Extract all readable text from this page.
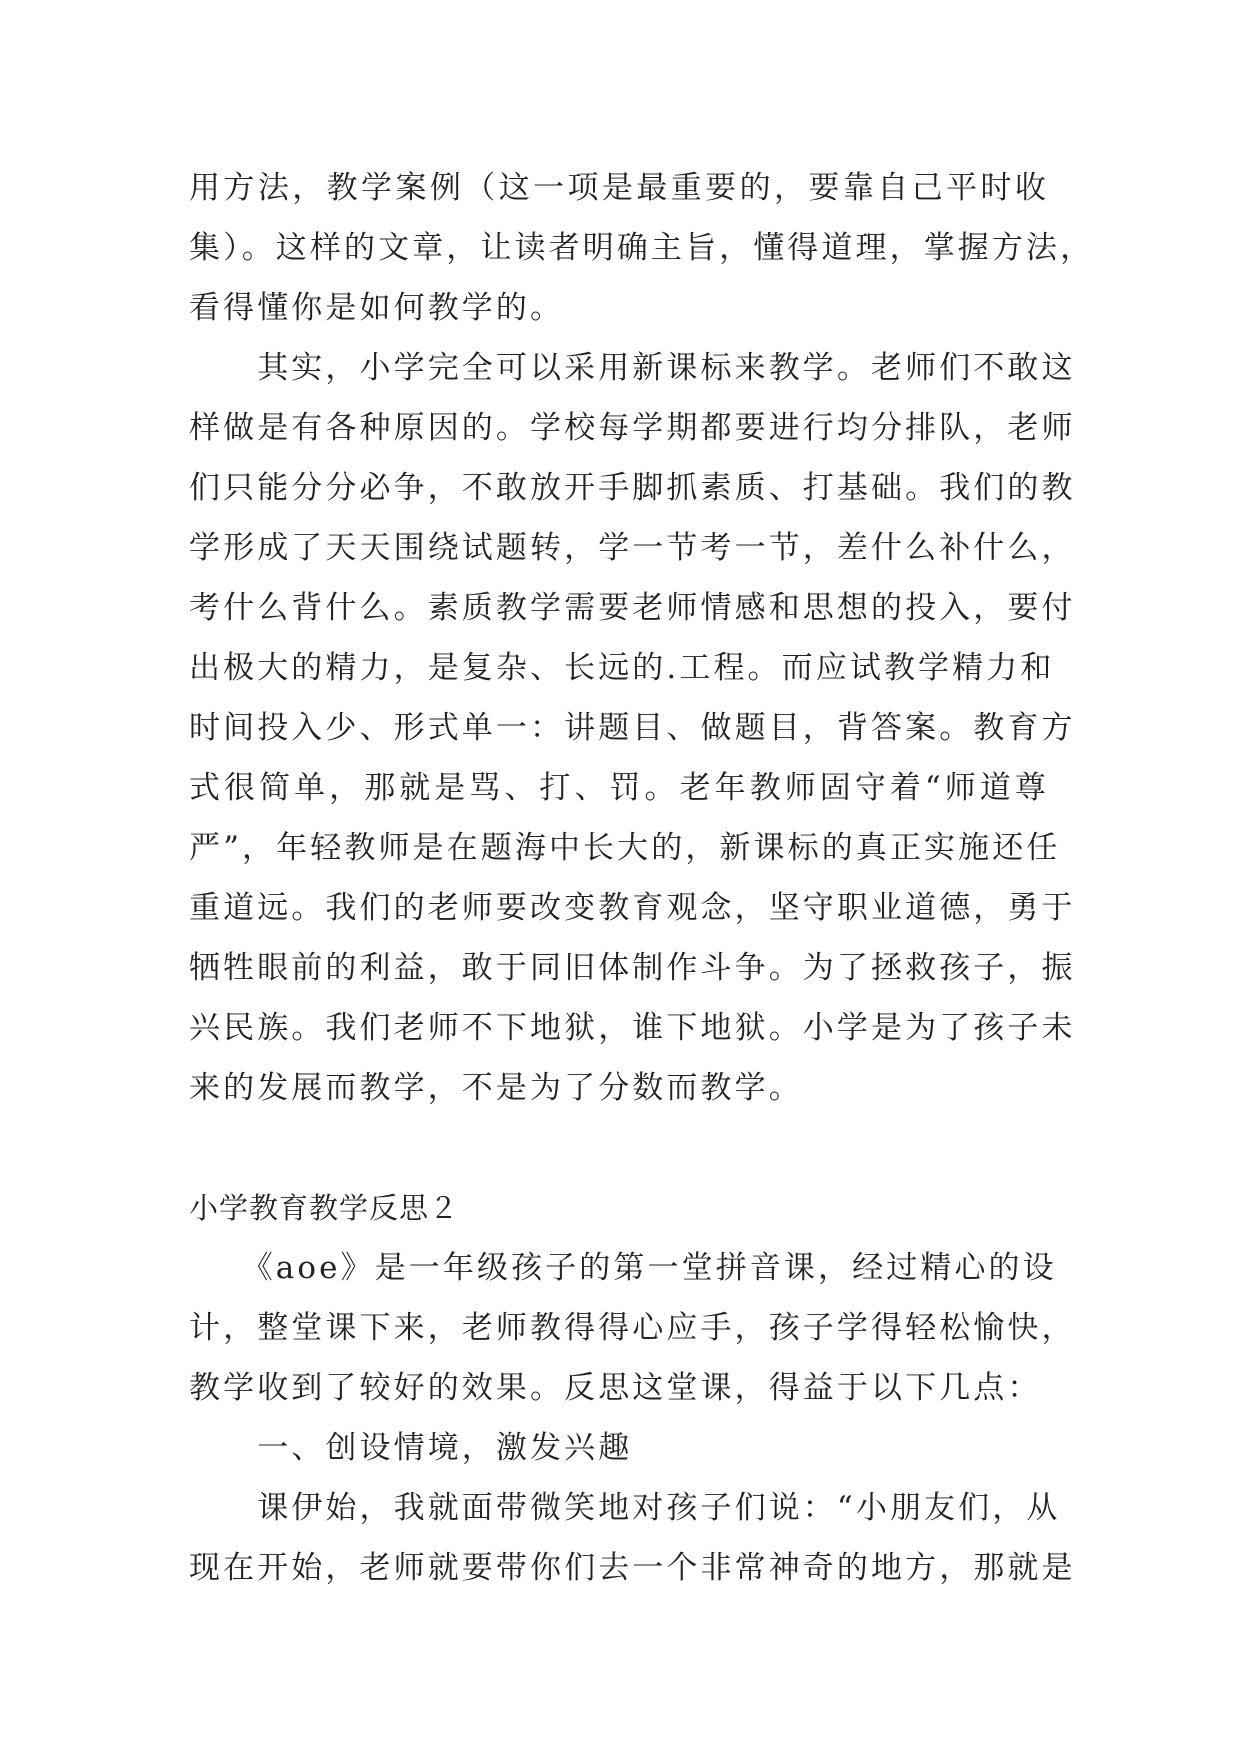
用方法，教学案例（这一项是最重要的，要靠自己平时收
集）。这样的文章，让读者明确主旨，懂得道理，掌握方法，
看得懂你是如何教学的。
　　其实，小学完全可以采用新课标来教学。老师们不敢这
样做是有各种原因的。学校每学期都要进行均分排队，老师
们只能分分必争，不敢放开手脚抓素质、打基础。我们的教
学形成了天天围绕试题转，学一节考一节，差什么补什么，
考什么背什么。素质教学需要老师情感和思想的投入，要付
出极大的精力，是复杂、长远的.工程。而应试教学精力和
时间投入少、形式单一：讲题目、做题目，背答案。教育方
式很简单，那就是骂、打、罚。老年教师固守着“师道尊
严”，年轻教师是在题海中长大的，新课标的真正实施还任
重道远。我们的老师要改变教育观念，坚守职业道德，勇于
牺牲眼前的利益，敢于同旧体制作斗争。为了拯救孩子，振
兴民族。我们老师不下地狱，谁下地狱。小学是为了孩子未
来的发展而教学，不是为了分数而教学。
小学教育教学反思２
　　《aoe》是一年级孩子的第一堂拼音课，经过精心的设
计，整堂课下来，老师教得得心应手，孩子学得轻松愉快，
教学收到了较好的效果。反思这堂课，得益于以下几点：
　　一、创设情境，激发兴趣
　　课伊始，我就面带微笑地对孩子们说：“小朋友们，从
现在开始，老师就要带你们去一个非常神奇的地方，那就是
